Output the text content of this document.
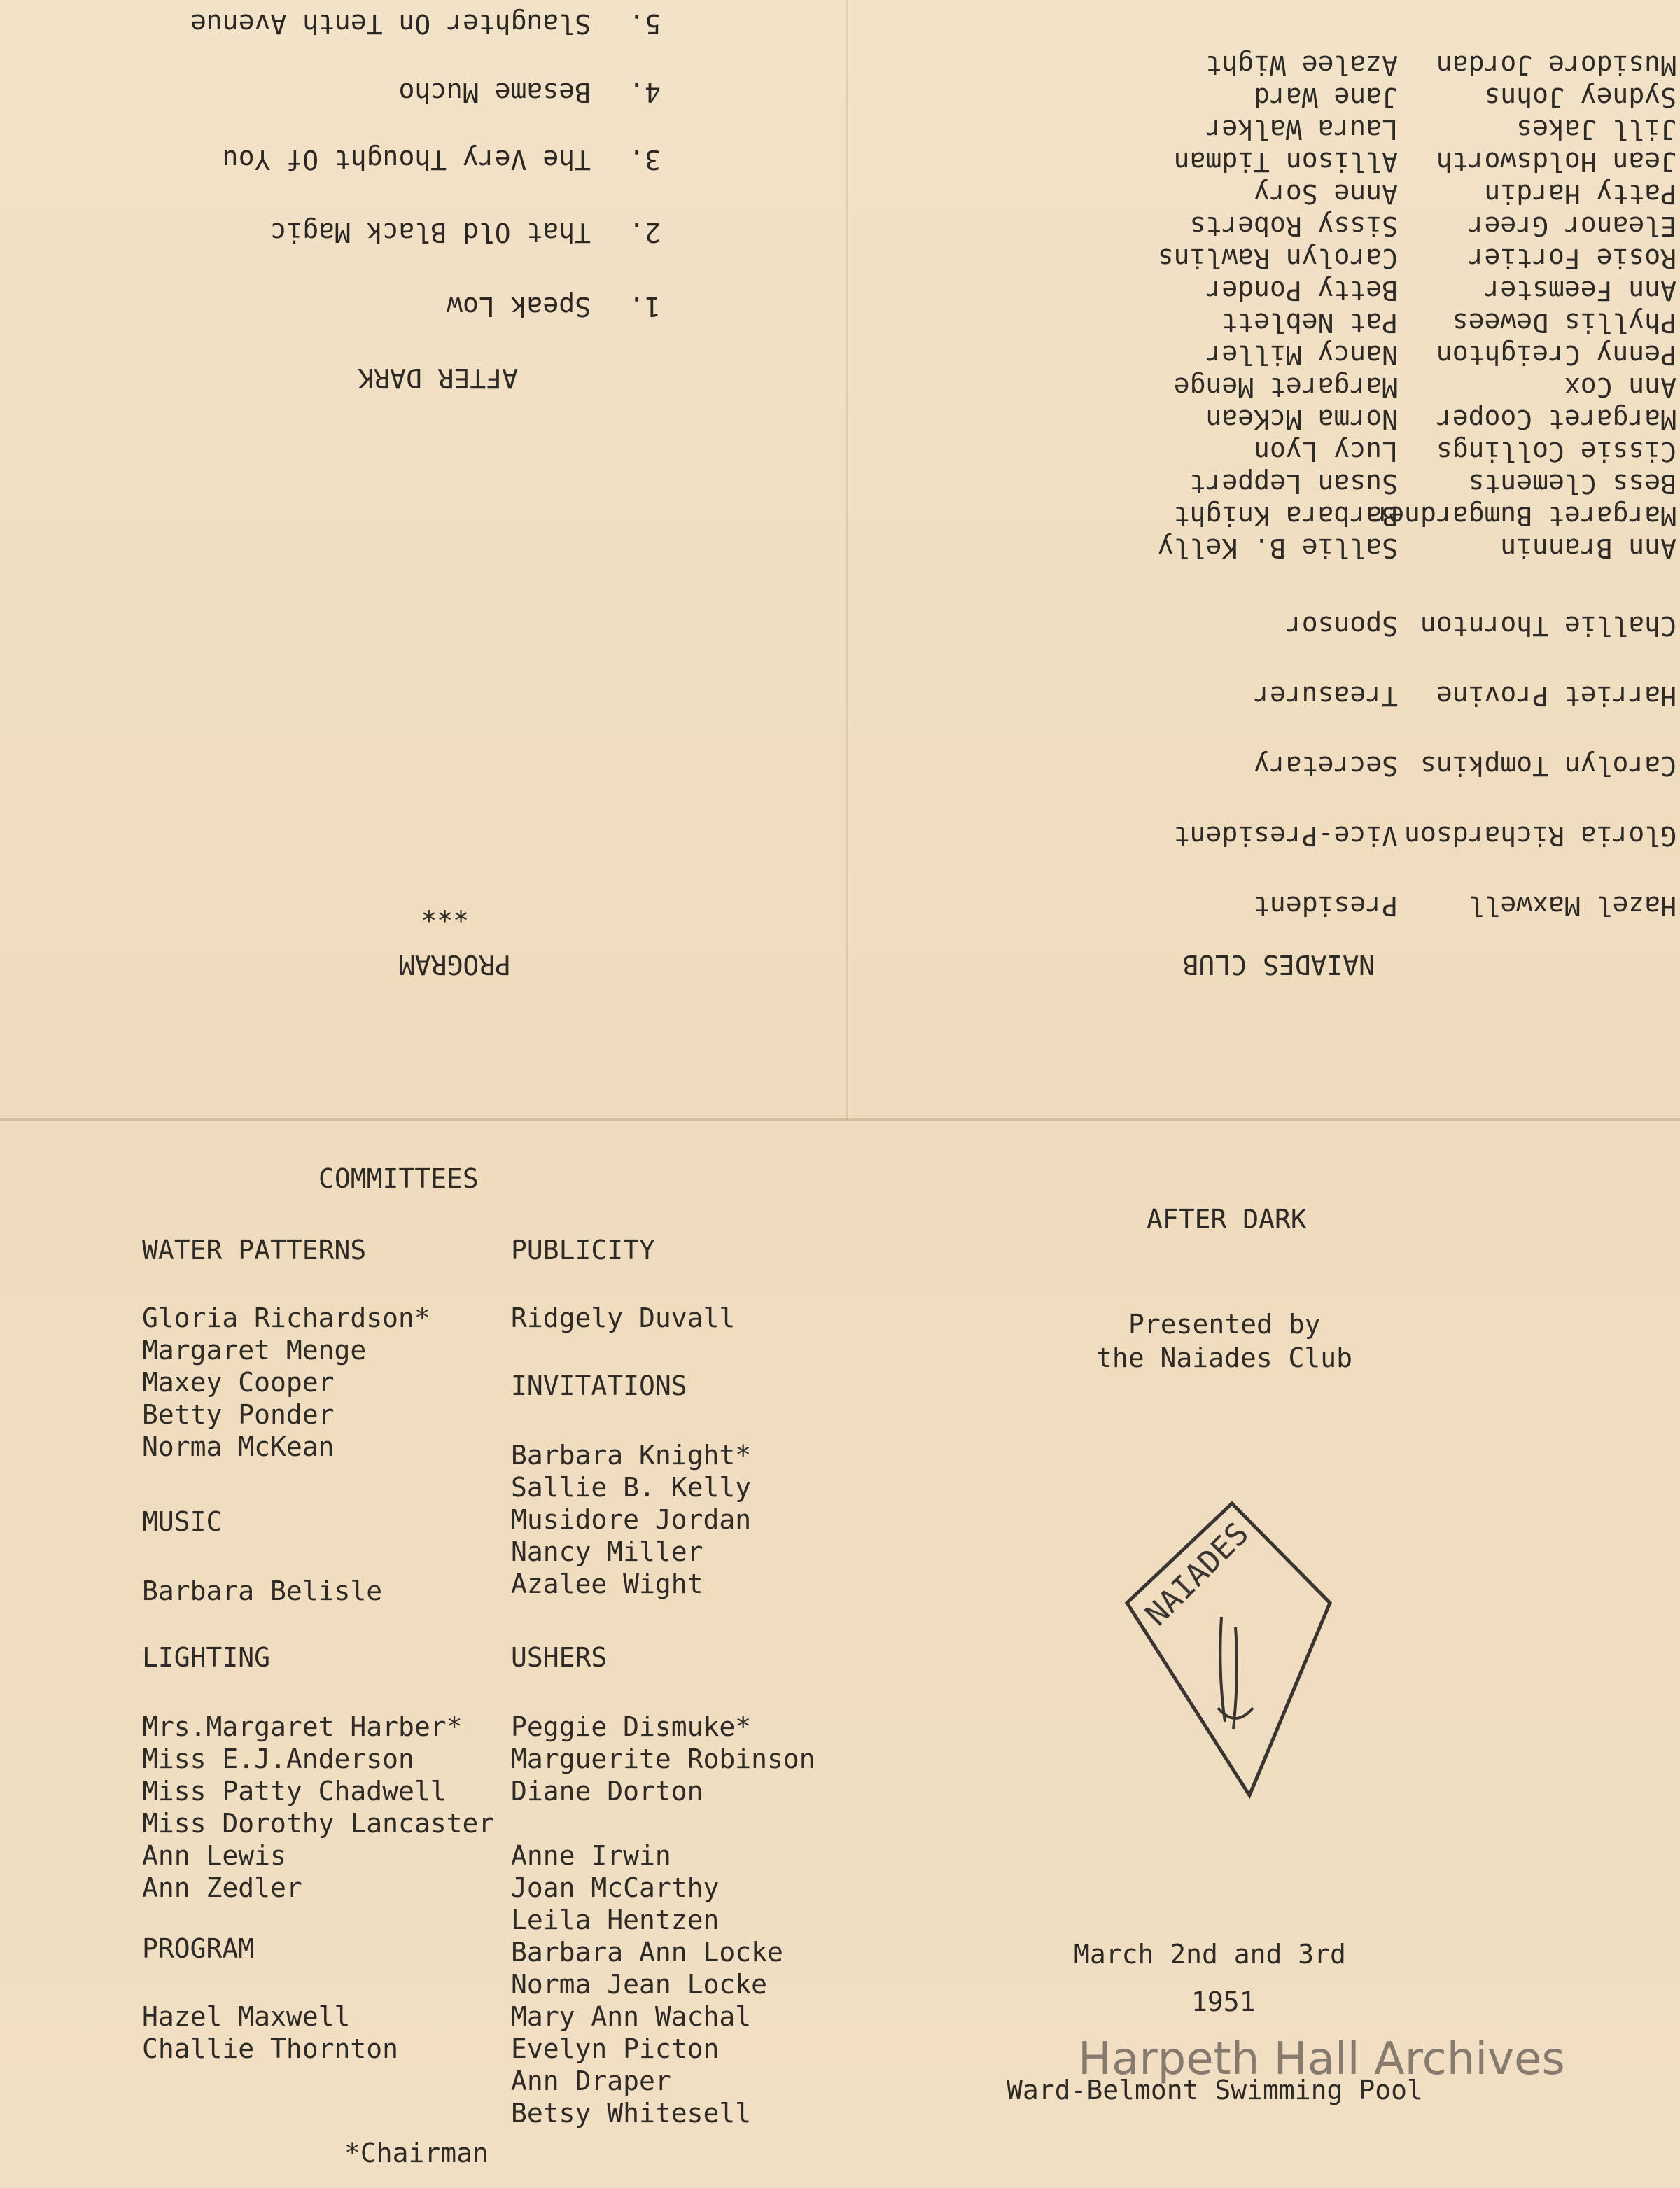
PROGRAM
***
AFTER DARK
1.
Speak Low
2.
That Old Black Magic
3.
The Very Thought Of You
4.
Besame Mucho
5.
Slaughter On Tenth Avenue
NAIADES CLUB
Hazel Maxwell
President
Gloria Richardson
Vice-President
Carolyn Tompkins
Secretary
Harriet Provine
Treasurer
Challie Thornton
Sponsor
Ann Brannin
Margaret Bumgardner
Bess Clements
Cissie Collings
Margaret Cooper
Ann Cox
Penny Creighton
Phyllis Dewees
Ann Feemster
Rosie Fortier
Eleanor Greer
Patty Hardin
Jean Holdsworth
Jill Jakes
Sydney Johns
Musidore Jordan
Sallie B. Kelly
Barbara Knight
Susan Leppert
Lucy Lyon
Norma McKean
Margaret Menge
Nancy Miller
Pat Neblett
Betty Ponder
Carolyn Rawlins
Sissy Roberts
Anne Sory
Allison Tidman
Laura Walker
Jane Ward
Azalee Wight
COMMITTEES
WATER PATTERNS
Gloria Richardson*
Margaret Menge
Maxey Cooper
Betty Ponder
Norma McKean
MUSIC
Barbara Belisle
LIGHTING
Mrs.Margaret Harber*
Miss E.J.Anderson
Miss Patty Chadwell
Miss Dorothy Lancaster
Ann Lewis
Ann Zedler
PROGRAM
Hazel Maxwell
Challie Thornton
PUBLICITY
Ridgely Duvall
INVITATIONS
Barbara Knight*
Sallie B. Kelly
Musidore Jordan
Nancy Miller
Azalee Wight
USHERS
Peggie Dismuke*
Marguerite Robinson
Diane Dorton

Anne Irwin
Joan McCarthy
Leila Hentzen
Barbara Ann Locke
Norma Jean Locke
Mary Ann Wachal
Evelyn Picton
Ann Draper
Betsy Whitesell
*Chairman
AFTER DARK
Presented by
the Naiades Club
NAIADES
March 2nd and 3rd
1951
Ward-Belmont Swimming Pool
Harpeth Hall Archives
